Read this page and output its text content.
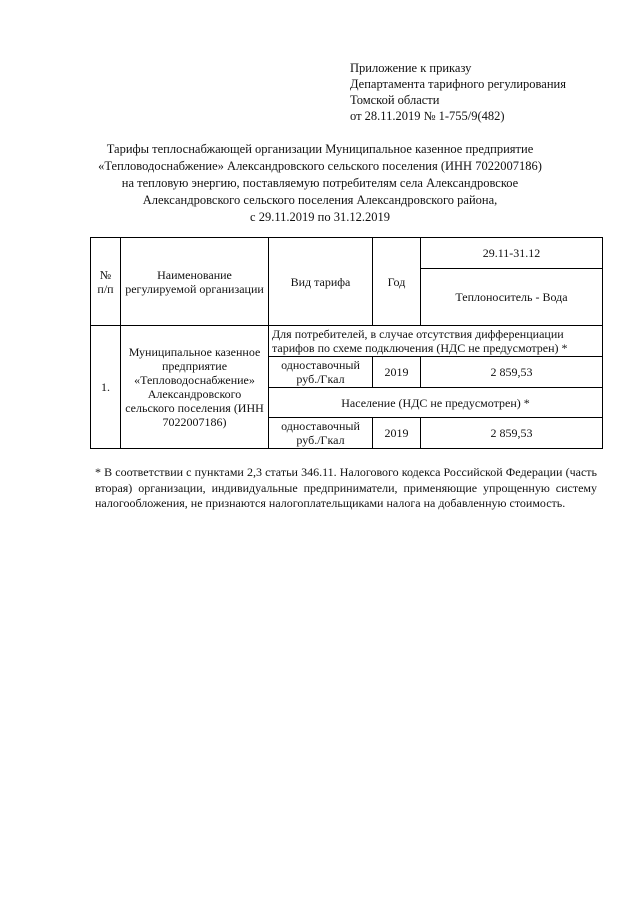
Приложение к приказу
Департамента тарифного регулирования
Томской области
от 28.11.2019 № 1-755/9(482)
Тарифы теплоснабжающей организации Муниципальное казенное предприятие
«Тепловодоснабжение» Александровского сельского поселения (ИНН 7022007186)
на тепловую энергию, поставляемую потребителям села Александровское
Александровского сельского поселения Александровского района,
с 29.11.2019 по 31.12.2019
№ п/п	Наименование регулируемой организации	Вид тарифа	Год	29.11-31.12
				Теплоноситель - Вода
1.	Муниципальное казенное предприятие «Тепловодоснабжение» Александровского сельского поселения (ИНН 7022007186)	Для потребителей, в случае отсутствия дифференциации тарифов по схеме подключения (НДС не предусмотрен) *		
		одноставочный руб./Гкал	2019	2 859,53
		Население (НДС не предусмотрен) *		
		одноставочный руб./Гкал	2019	2 859,53
* В соответствии с пунктами 2,3 статьи 346.11. Налогового кодекса Российской Федерации (часть вторая) организации, индивидуальные предприниматели, применяющие упрощенную систему налогообложения, не признаются налогоплательщиками налога на добавленную стоимость.
